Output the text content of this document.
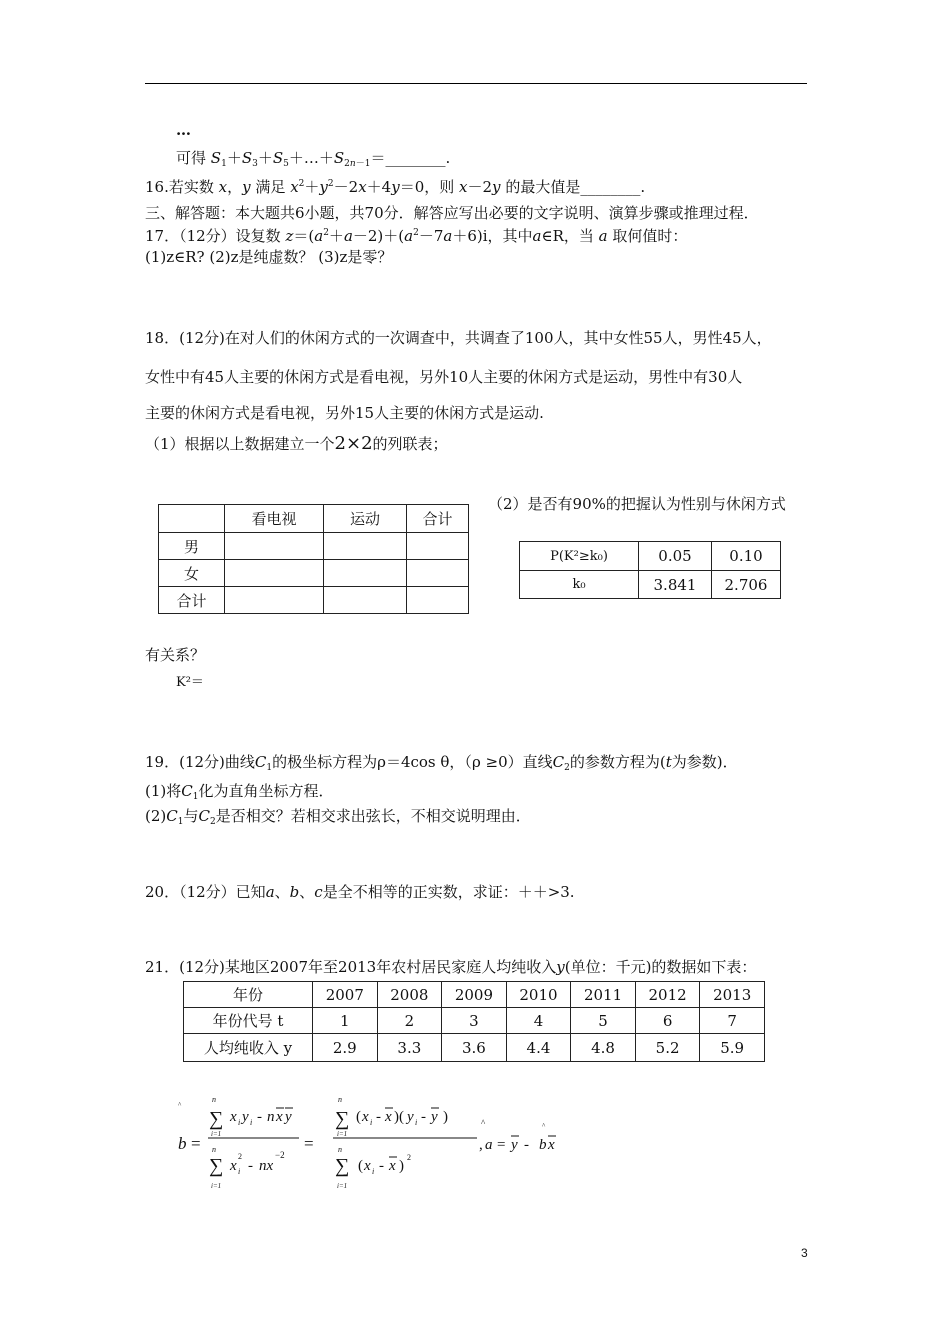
…
可得 $S_1+S_3+S_5+\dots+S_{2n-1}=\_\_\_\_\_\_\_\_$.
16.若实数 x，y 满足 $x^2+y^2-2x+4y=0$，则 x－2y 的最大值是________.
三、解答题：本大题共6小题，共70分．解答应写出必要的文字说明、演算步骤或推理过程．
17．（12分）设复数 $z=(a^2+a-2)+(a^2-7a+6)i$，其中a∈R，当 a 取何值时：
(1)z∈R? (2)z是纯虚数？ (3)z是零？
18．(12分)在对人们的休闲方式的一次调查中，共调查了100人，其中女性55人，男性45人，
女性中有45人主要的休闲方式是看电视，另外10人主要的休闲方式是运动，男性中有30人
主要的休闲方式是看电视，另外15人主要的休闲方式是运动.
（1）根据以上数据建立一个2×2的列联表；
	看电视	运动	合计
男			
女			
合计			
（2）是否有90%的把握认为性别与休闲方式
P(K²≥k₀)	0.05	0.10
k₀	3.841	2.706
有关系？
K²＝
19．(12分)曲线$C_1$的极坐标方程为ρ＝4cos θ，（ρ ≥0）直线$C_2$的参数方程为(t为参数)．
(1)将$C_1$化为直角坐标方程．
$(2)C_1$与$C_2$是否相交？若相交求出弦长，不相交说明理由．
20．（12分）已知a、b、c是全不相等的正实数，求证：＋＋>3.
21．(12分)某地区2007年至2013年农村居民家庭人均纯收入y(单位：千元)的数据如下表：
年份	2007	2008	2009	2010	2011	2012	2013
年份代号 t	1	2	3	4	5	6	7
人均纯收入 y	2.9	3.3	3.6	4.4	4.8	5.2	5.9
^
b =
∑
n
i=1
x i y i - n x y
∑
n
i=1
x i
2
- nx
−2
=
∑
n
i=1
( x i - x )( y i - y )	^
,
∑
n
i=1
( x i - x )
2
a = y -
^
b x
3
